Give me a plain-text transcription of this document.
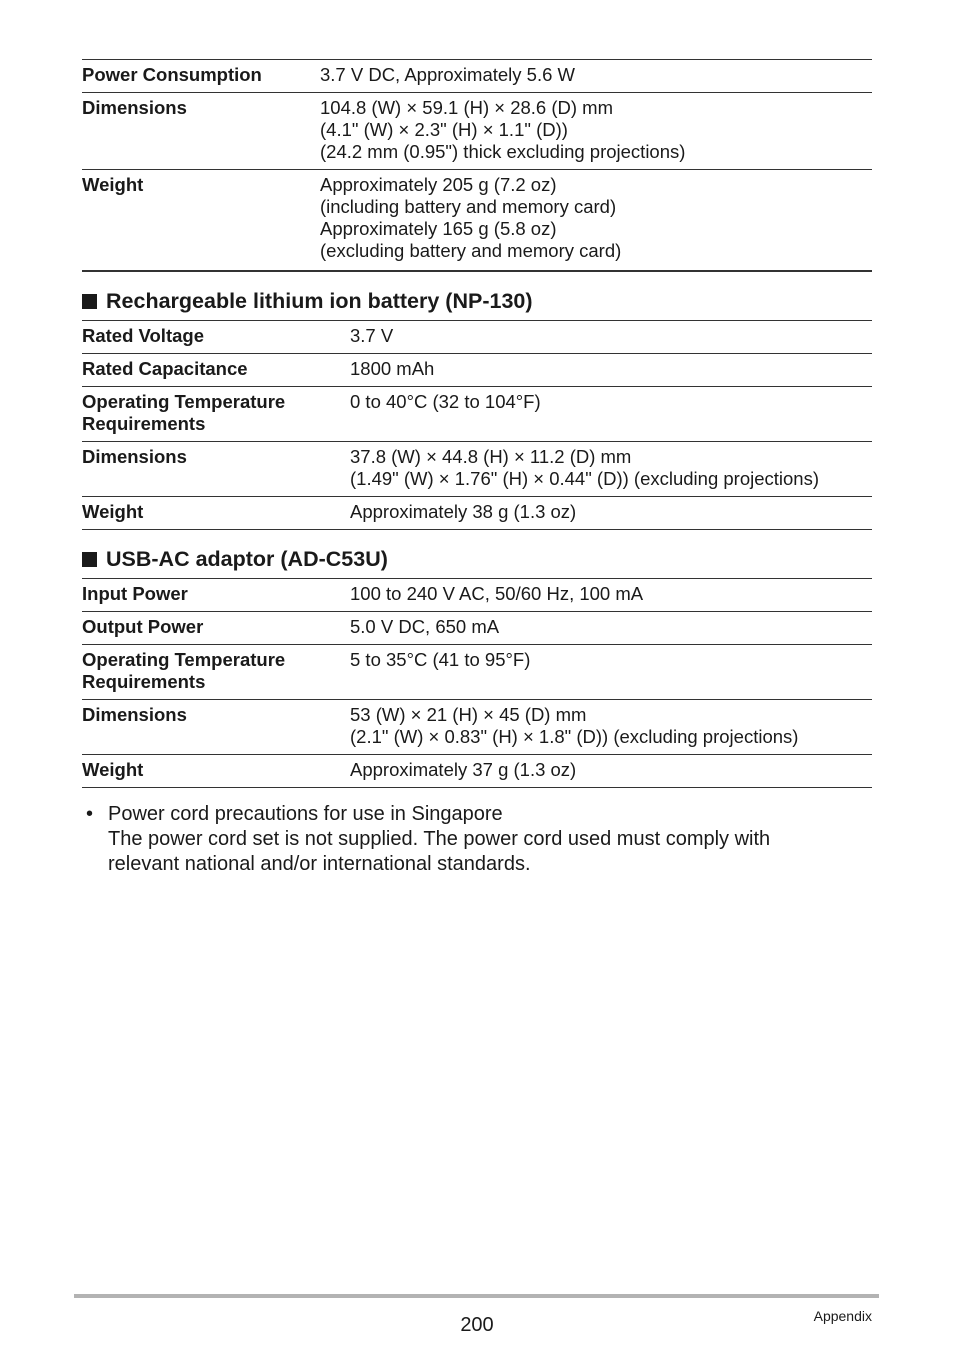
Power Consumption	3.7 V DC, Approximately 5.6 W

Dimensions	104.8 (W) × 59.1 (H) × 28.6 (D) mm
(4.1" (W) × 2.3" (H) × 1.1" (D))
(24.2 mm (0.95") thick excluding projections)

Weight	Approximately 205 g (7.2 oz)
(including battery and memory card)
Approximately 165 g (5.8 oz)
(excluding battery and memory card)
Rechargeable lithium ion battery (NP-130)
Rated Voltage	3.7 V

Rated Capacitance	1800 mAh

Operating Temperature
Requirements	0 to 40°C (32 to 104°F)

Dimensions	37.8 (W) × 44.8 (H) × 11.2 (D) mm
(1.49" (W) × 1.76" (H) × 0.44" (D)) (excluding projections)

Weight	Approximately 38 g (1.3 oz)
USB-AC adaptor (AD-C53U)
Input Power	100 to 240 V AC, 50/60 Hz, 100 mA

Output Power	5.0 V DC, 650 mA

Operating Temperature
Requirements	5 to 35°C (41 to 95°F)

Dimensions	53 (W) × 21 (H) × 45 (D) mm
(2.1" (W) × 0.83" (H) × 1.8" (D)) (excluding projections)

Weight	Approximately 37 g (1.3 oz)
• Power cord precautions for use in Singapore
The power cord set is not supplied. The power cord used must comply with
relevant national and/or international standards.
200	Appendix
